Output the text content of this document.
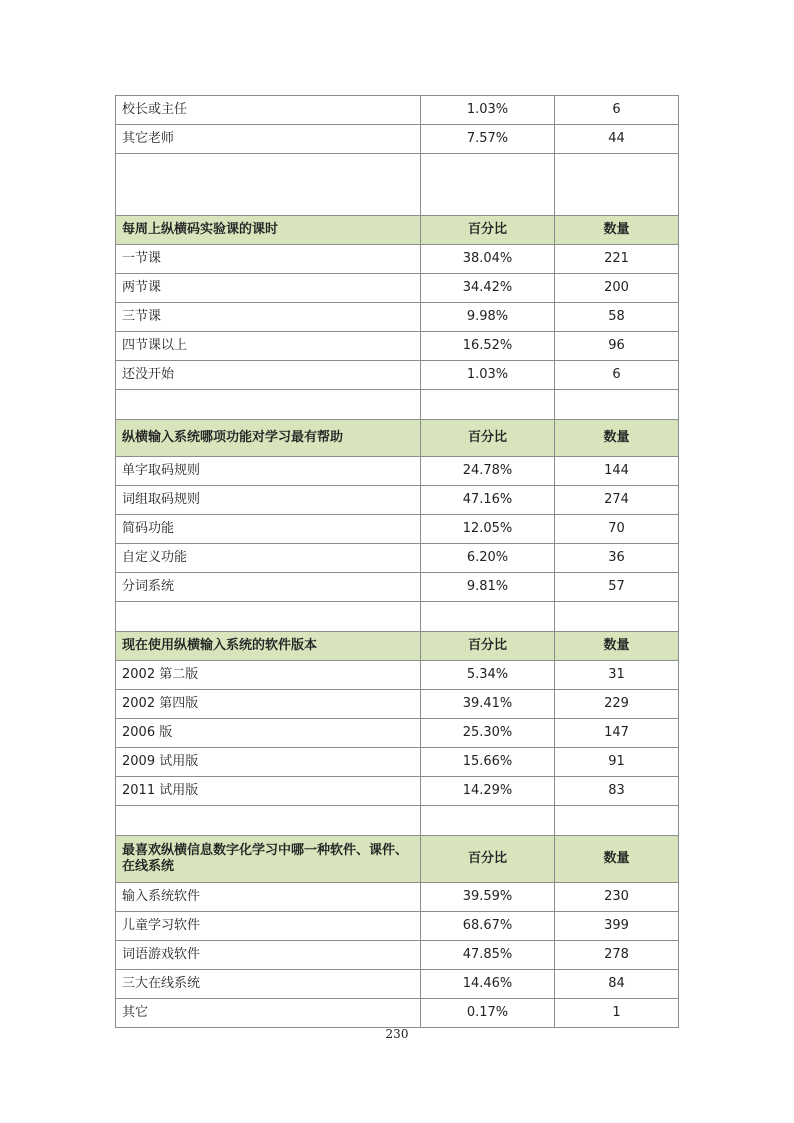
校长或主任	1.03%	6
其它老师	7.57%	44

每周上纵横码实验课的课时	百分比	数量
一节课	38.04%	221
两节课	34.42%	200
三节课	9.98%	58
四节课以上	16.52%	96
还没开始	1.03%	6

纵横输入系统哪项功能对学习最有帮助	百分比	数量
单字取码规则	24.78%	144
词组取码规则	47.16%	274
简码功能	12.05%	70
自定义功能	6.20%	36
分词系统	9.81%	57

现在使用纵横输入系统的软件版本	百分比	数量
2002 第二版	5.34%	31
2002 第四版	39.41%	229
2006 版	25.30%	147
2009 试用版	15.66%	91
2011 试用版	14.29%	83

最喜欢纵横信息数字化学习中哪一种软件、课件、在线系统	百分比	数量
输入系统软件	39.59%	230
儿童学习软件	68.67%	399
词语游戏软件	47.85%	278
三大在线系统	14.46%	84
其它	0.17%	1
230
